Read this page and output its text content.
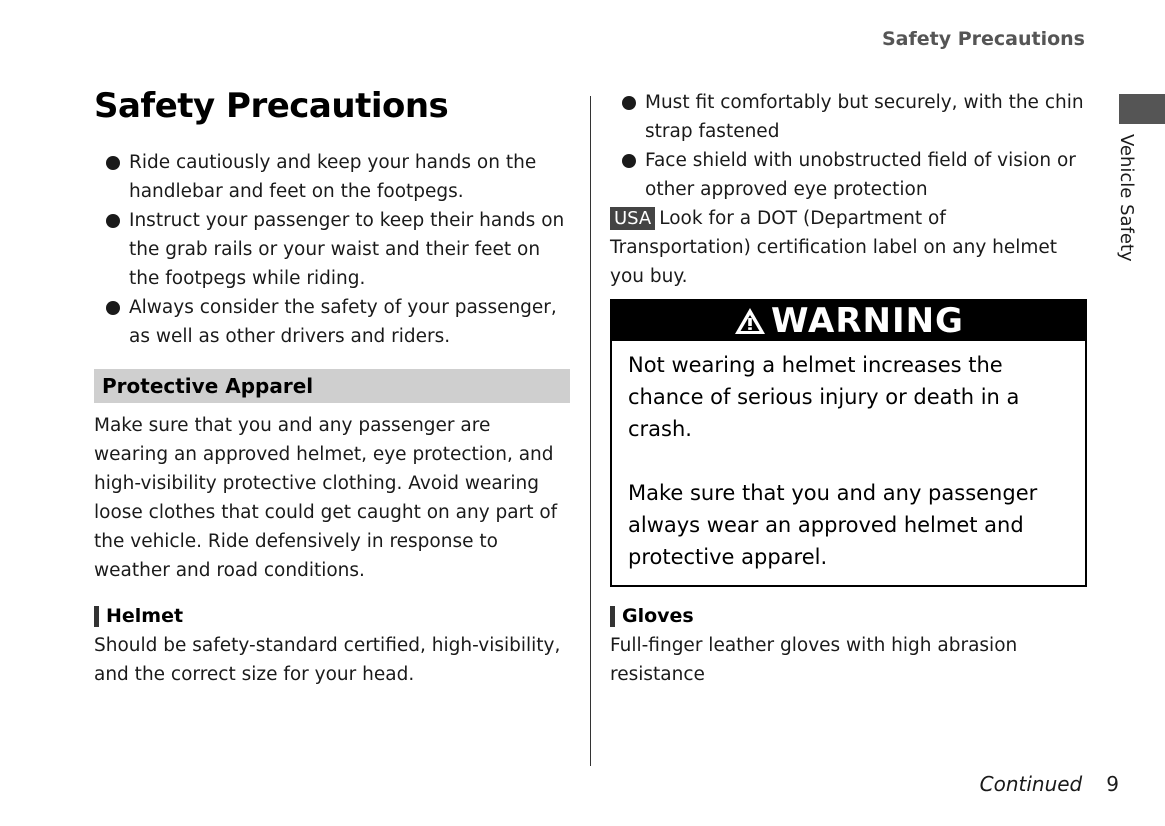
Safety Precautions
Vehicle Safety
Safety Precautions
Ride cautiously and keep your hands on the handlebar and feet on the footpegs.
Instruct your passenger to keep their hands on the grab rails or your waist and their feet on the footpegs while riding.
Always consider the safety of your passenger, as well as other drivers and riders.
Protective Apparel

Make sure that you and any passenger are wearing an approved helmet, eye protection, and high-visibility protective clothing. Avoid wearing loose clothes that could get caught on any part of the vehicle. Ride defensively in response to weather and road conditions.

Helmet

Should be safety-standard certified, high-visibility, and the correct size for your head.

Must fit comfortably but securely, with the chin strap fastened
Face shield with unobstructed field of vision or other approved eye protection
USA Look for a DOT (Department of Transportation) certification label on any helmet you buy.
WARNING

Not wearing a helmet increases the chance of serious injury or death in a crash.

Make sure that you and any passenger always wear an approved helmet and protective apparel.

Gloves

Full-finger leather gloves with high abrasion resistance

Continued 9
